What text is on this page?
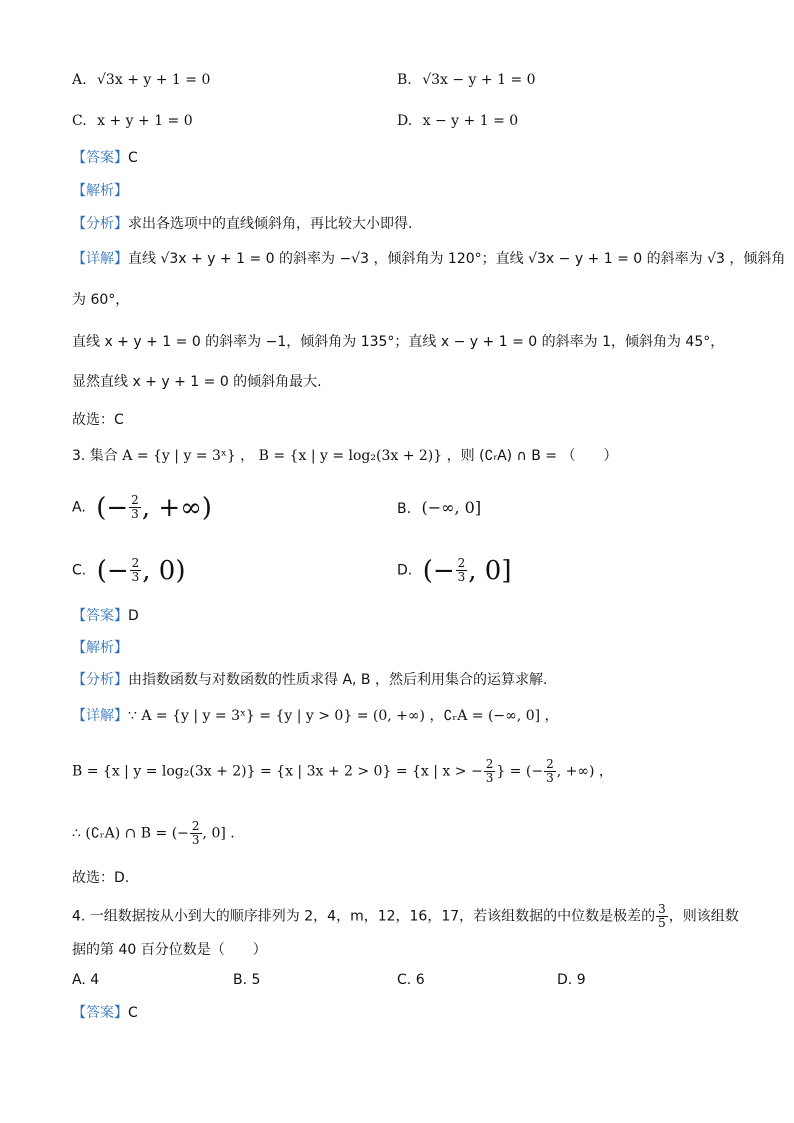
A. √3x + y + 1 = 0	B. √3x − y + 1 = 0
C. x + y + 1 = 0	D. x − y + 1 = 0
【答案】C
【解析】
【分析】求出各选项中的直线倾斜角，再比较大小即得.
【详解】直线 √3x + y + 1 = 0 的斜率为 −√3 ，倾斜角为 120°；直线 √3x − y + 1 = 0 的斜率为 √3 ，倾斜角
为 60°，
直线 x + y + 1 = 0 的斜率为 −1，倾斜角为 135°；直线 x − y + 1 = 0 的斜率为 1，倾斜角为 45°，
显然直线 x + y + 1 = 0 的倾斜角最大.
故选：C
3. 集合 A = {y | y = 3ˣ} ， B = {x | y = log₂(3x + 2)} ，则 (∁ᵣA) ∩ B = （　　）
A. (− $\frac{2}{3}$ , +∞)	B. (−∞, 0]
C. (− $\frac{2}{3}$ , 0)	D. (− $\frac{2}{3}$ , 0]
【答案】D
【解析】
【分析】由指数函数与对数函数的性质求得 A, B ，然后利用集合的运算求解.
【详解】∵ A = {y | y = 3ˣ} = {y | y > 0} = (0, +∞) ，∁ᵣA = (−∞, 0] ，
B = {x | y = log₂(3x + 2)} = {x | 3x + 2 > 0} = {x | x > − $\frac{2}{3}$ } = (− $\frac{2}{3}$ , +∞) ，
∴ (∁ᵣA) ∩ B = (− $\frac{2}{3}$ , 0] .
故选：D.
4. 一组数据按从小到大的顺序排列为 2，4，m，12，16，17，若该组数据的中位数是极差的 $\frac{3}{5}$ ，则该组数
据的第 40 百分位数是（　　）
A. 4	B. 5	C. 6	D. 9
【答案】C
